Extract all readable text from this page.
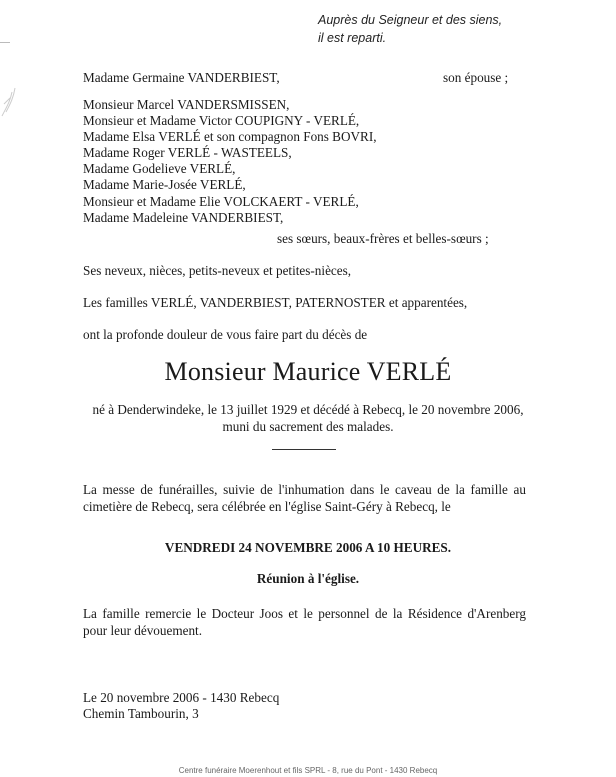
Auprès du Seigneur et des siens,
il est reparti.
Madame Germaine VANDERBIEST,	son épouse ;
Monsieur Marcel VANDERSMISSEN,
Monsieur et Madame Victor COUPIGNY - VERLÉ,
Madame Elsa VERLÉ et son compagnon Fons BOVRI,
Madame Roger VERLÉ - WASTEELS,
Madame Godelieve VERLÉ,
Madame Marie-Josée VERLÉ,
Monsieur et Madame Elie VOLCKAERT - VERLÉ,
Madame Madeleine VANDERBIEST,
ses sœurs, beaux-frères et belles-sœurs ;
Ses neveux, nièces, petits-neveux et petites-nièces,
Les familles VERLÉ, VANDERBIEST, PATERNOSTER et apparentées,
ont la profonde douleur de vous faire part du décès de
Monsieur Maurice VERLÉ
né à Denderwindeke, le 13 juillet 1929 et décédé à Rebecq, le 20 novembre 2006,
muni du sacrement des malades.
La messe de funérailles, suivie de l'inhumation dans le caveau de la famille au cimetière de Rebecq, sera célébrée en l'église Saint-Géry à Rebecq, le
VENDREDI 24 NOVEMBRE 2006 A 10 HEURES.
Réunion à l'église.
La famille remercie le Docteur Joos et le personnel de la Résidence d'Arenberg pour leur dévouement.
Le 20 novembre 2006 - 1430 Rebecq
Chemin Tambourin, 3
Centre funéraire Moerenhout et fils SPRL - 8, rue du Pont - 1430 Rebecq
